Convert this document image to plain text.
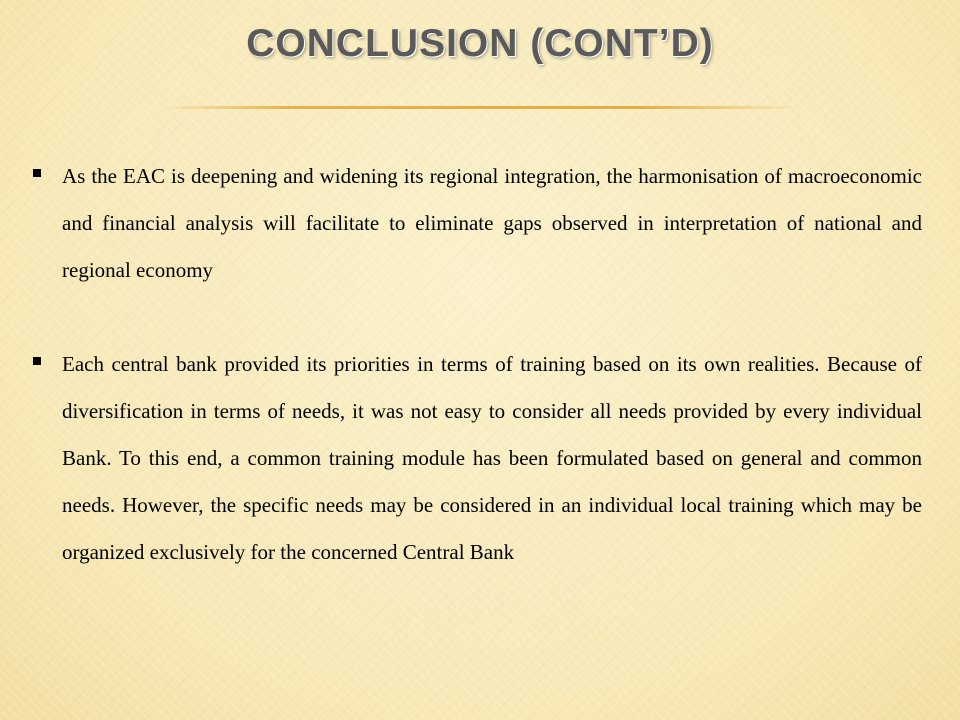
CONCLUSION (CONT’D)
As the EAC is deepening and widening its regional integration, the harmonisation of macroeconomic and financial analysis will facilitate to eliminate gaps observed in interpretation of national and regional economy
Each central bank provided its priorities in terms of training based on its own realities. Because of diversification in terms of needs, it was not easy to consider all needs provided by every individual Bank. To this end, a common training module has been formulated based on general and common needs. However, the specific needs may be considered in an individual local training which may be organized exclusively for the concerned Central Bank
